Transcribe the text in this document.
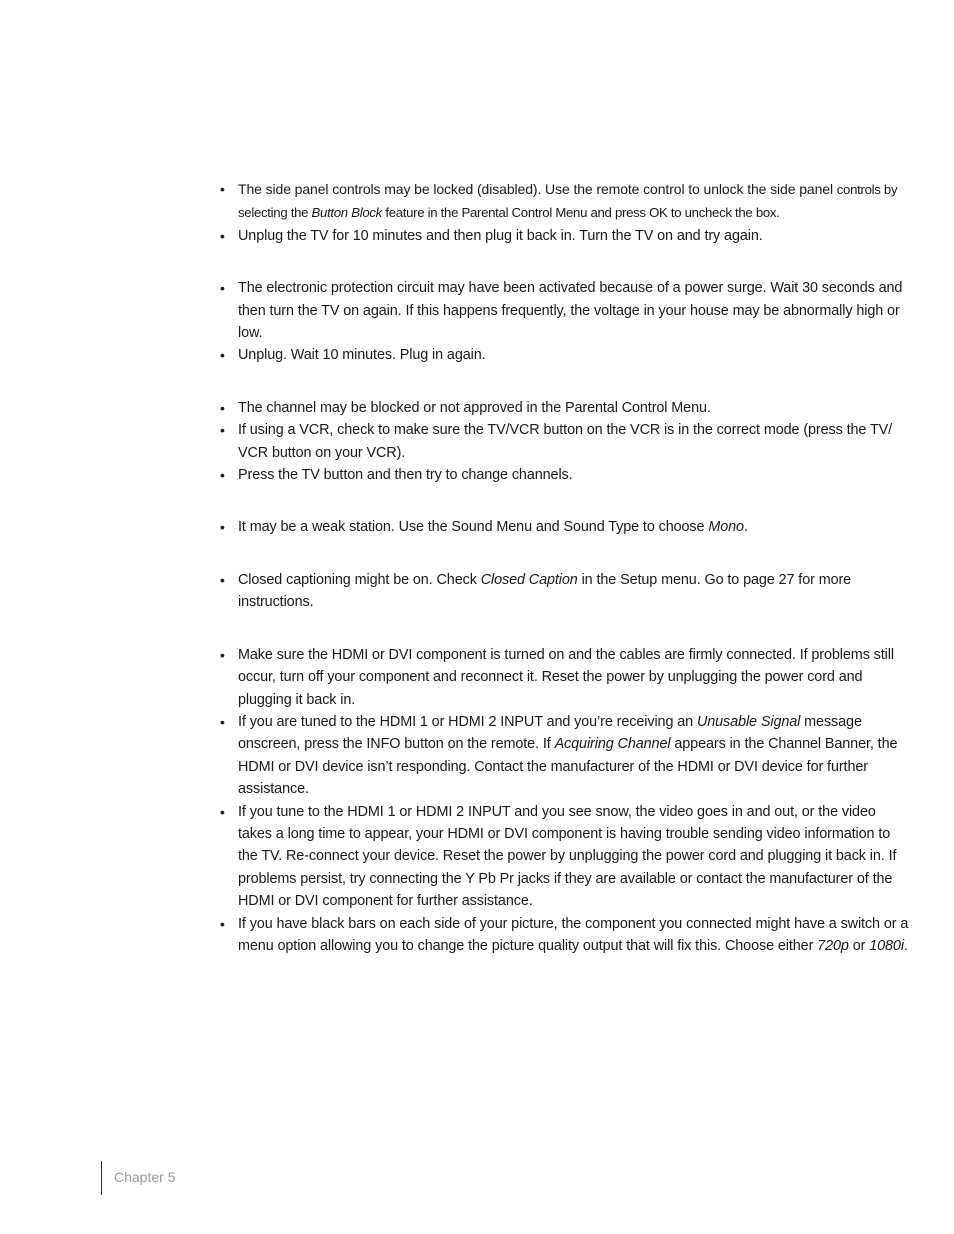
• The side panel controls may be locked (disabled). Use the remote control to unlock the side panel controls by selecting the Button Block feature in the Parental Control Menu and press OK to uncheck the box.
• Unplug the TV for 10 minutes and then plug it back in. Turn the TV on and try again.
• The electronic protection circuit may have been activated because of a power surge. Wait 30 seconds and then turn the TV on again. If this happens frequently, the voltage in your house may be abnormally high or low.
• Unplug. Wait 10 minutes. Plug in again.
• The channel may be blocked or not approved in the Parental Control Menu.
• If using a VCR, check to make sure the TV/VCR button on the VCR is in the correct mode (press the TV/ VCR button on your VCR).
• Press the TV button and then try to change channels.
• It may be a weak station. Use the Sound Menu and Sound Type to choose Mono.
• Closed captioning might be on. Check Closed Caption in the Setup menu. Go to page 27 for more instructions.
• Make sure the HDMI or DVI component is turned on and the cables are firmly connected. If problems still occur, turn off your component and reconnect it. Reset the power by unplugging the power cord and plugging it back in.
• If you are tuned to the HDMI 1 or HDMI 2 INPUT and you’re receiving an Unusable Signal message onscreen, press the INFO button on the remote. If Acquiring Channel appears in the Channel Banner, the HDMI or DVI device isn’t responding. Contact the manufacturer of the HDMI or DVI device for further assistance.
• If you tune to the HDMI 1 or HDMI 2 INPUT and you see snow, the video goes in and out, or the video takes a long time to appear, your HDMI or DVI component is having trouble sending video information to the TV. Re-connect your device. Reset the power by unplugging the power cord and plugging it back in. If problems persist, try connecting the Y Pb Pr jacks if they are available or contact the manufacturer of the HDMI or DVI component for further assistance.
• If you have black bars on each side of your picture, the component you connected might have a switch or a menu option allowing you to change the picture quality output that will fix this. Choose either 720p or 1080i.
Chapter 5
